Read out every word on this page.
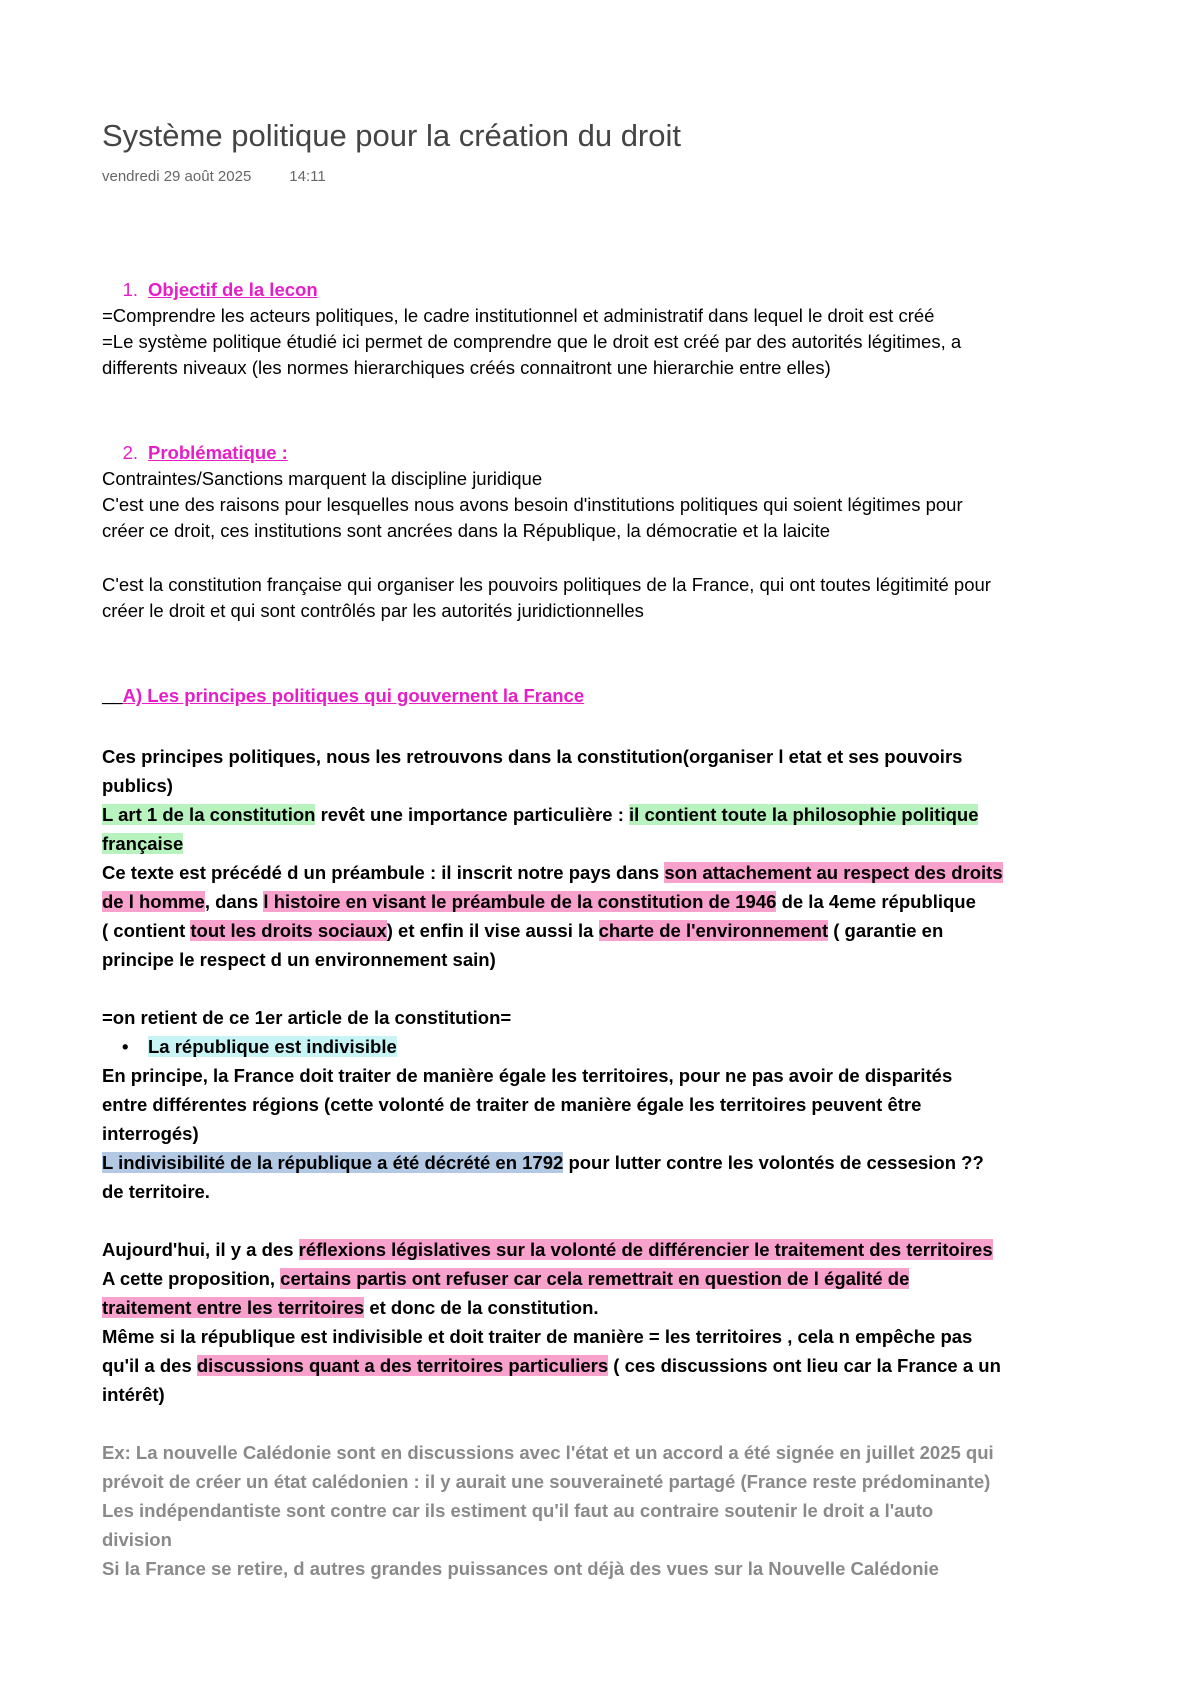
Système politique pour la création du droit
vendredi 29 août 2025	14:11
1. Objectif de la lecon
=Comprendre les acteurs politiques, le cadre institutionnel et administratif dans lequel le droit est créé
=Le système politique étudié ici permet de comprendre que le droit est créé par des autorités légitimes, a
differents niveaux (les normes hierarchiques créés connaitront une hierarchie entre elles)
2. Problématique :
Contraintes/Sanctions marquent la discipline juridique
C'est une des raisons pour lesquelles nous avons besoin d'institutions politiques qui soient légitimes pour
créer ce droit, ces institutions sont ancrées dans la République, la démocratie et la laicite
C'est la constitution française qui organiser les pouvoirs politiques de la France, qui ont toutes légitimité pour
créer le droit et qui sont contrôlés par les autorités juridictionnelles
__A) Les principes politiques qui gouvernent la France
Ces principes politiques, nous les retrouvons dans la constitution(organiser l etat et ses pouvoirs
publics)
L art 1 de la constitution revêt une importance particulière : il contient toute la philosophie politique
française
Ce texte est précédé d un préambule : il inscrit notre pays dans son attachement au respect des droits
de l homme, dans l histoire en visant le préambule de la constitution de 1946 de la 4eme république
( contient tout les droits sociaux) et enfin il vise aussi la charte de l'environnement ( garantie en
principe le respect d un environnement sain)
=on retient de ce 1er article de la constitution=
• La république est indivisible
En principe, la France doit traiter de manière égale les territoires, pour ne pas avoir de disparités
entre différentes régions (cette volonté de traiter de manière égale les territoires peuvent être
interrogés)
L indivisibilité de la république a été décrété en 1792 pour lutter contre les volontés de cessesion ??
de territoire.
Aujourd'hui, il y a des réflexions législatives sur la volonté de différencier le traitement des territoires
A cette proposition, certains partis ont refuser car cela remettrait en question de l égalité de
traitement entre les territoires et donc de la constitution.
Même si la république est indivisible et doit traiter de manière = les territoires , cela n empêche pas
qu'il a des discussions quant a des territoires particuliers ( ces discussions ont lieu car la France a un
intérêt)
Ex: La nouvelle Calédonie sont en discussions avec l'état et un accord a été signée en juillet 2025 qui
prévoit de créer un état calédonien : il y aurait une souveraineté partagé (France reste prédominante)
Les indépendantiste sont contre car ils estiment qu'il faut au contraire soutenir le droit a l'auto
division
Si la France se retire, d autres grandes puissances ont déjà des vues sur la Nouvelle Calédonie
